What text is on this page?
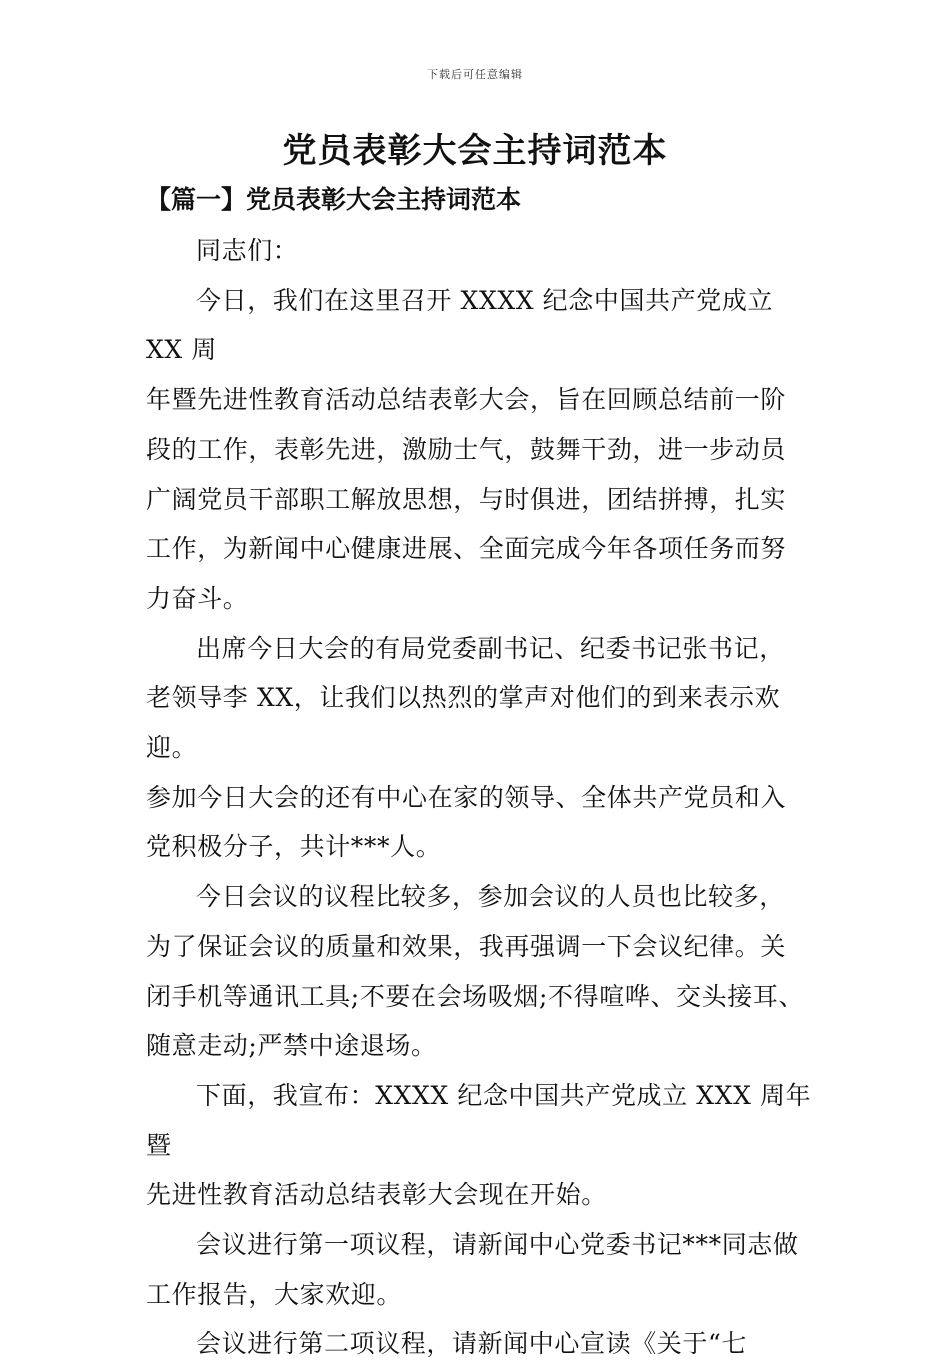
下载后可任意编辑
党员表彰大会主持词范本
【篇一】党员表彰大会主持词范本

同志们：

今日，我们在这里召开 XXXX 纪念中国共产党成立 XX 周
年暨先进性教育活动总结表彰大会，旨在回顾总结前一阶
段的工作，表彰先进，激励士气，鼓舞干劲，进一步动员
广阔党员干部职工解放思想，与时俱进，团结拼搏，扎实
工作，为新闻中心健康进展、全面完成今年各项任务而努
力奋斗。

出席今日大会的有局党委副书记、纪委书记张书记，
老领导李 XX，让我们以热烈的掌声对他们的到来表示欢迎。
参加今日大会的还有中心在家的领导、全体共产党员和入
党积极分子，共计***人。

今日会议的议程比较多，参加会议的人员也比较多，
为了保证会议的质量和效果，我再强调一下会议纪律。关
闭手机等通讯工具;不要在会场吸烟;不得喧哗、交头接耳、
随意走动;严禁中途退场。

下面，我宣布：XXXX 纪念中国共产党成立 XXX 周年暨
先进性教育活动总结表彰大会现在开始。

会议进行第一项议程，请新闻中心党委书记***同志做
工作报告，大家欢迎。

会议进行第二项议程，请新闻中心宣读《关于“七
